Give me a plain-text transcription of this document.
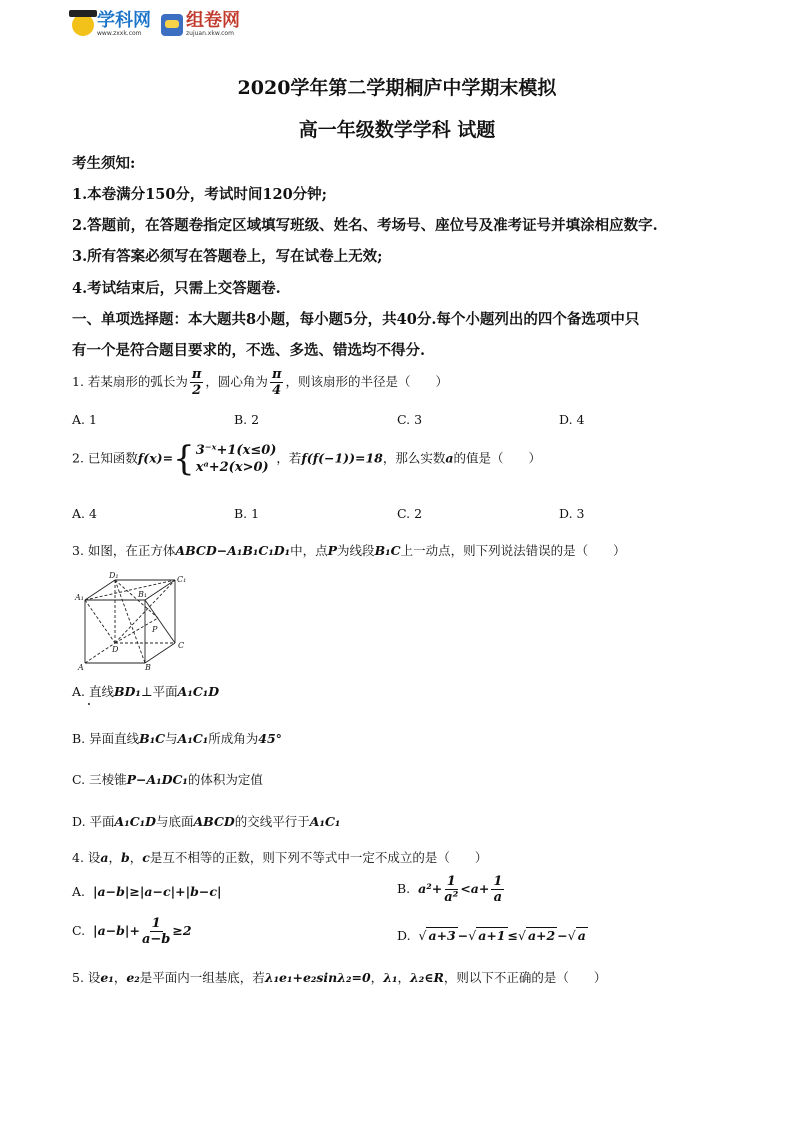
学科网
www.zxxk.com
组卷网
zujuan.xkw.com
2020学年第二学期桐庐中学期末模拟
高一年级数学学科 试题
考生须知:
1.本卷满分150分，考试时间120分钟;
2.答题前，在答题卷指定区域填写班级、姓名、考场号、座位号及准考证号并填涂相应数字.
3.所有答案必须写在答题卷上，写在试卷上无效;
4.考试结束后，只需上交答题卷.
一、单项选择题：本大题共8小题，每小题5分，共40分.每个小题列出的四个备选项中只
有一个是符合题目要求的，不选、多选、错选均不得分.
1. 若某扇形的弧长为 $\frac{\pi}{2}$ ，圆心角为 $\frac{\pi}{4}$ ，则该扇形的半径是（　　）
A. 1	B. 2	C. 3	D. 4
2. 已知函数f(x)={ 3⁻ˣ+1(x≤0)
xᵃ+2(x>0)
，若f(f(−1))=18，那么实数a的值是（　　）
A. 4	B. 1	C. 2	D. 3
3. 如图，在正方体ABCD−A₁B₁C₁D₁中，点P为线段B₁C上一动点，则下列说法错误的是（　　）
D₁	C₁
A₁	B₁
P
D	C
A	B
A. 直线BD₁⊥平面A₁C₁D
B. 异面直线B₁C与A₁C₁所成角为45°
C. 三棱锥P−A₁DC₁的体积为定值
D. 平面A₁C₁D与底面ABCD的交线平行于A₁C₁
4. 设a，b，c是互不相等的正数，则下列不等式中一定不成立的是（　　）
A. |a−b|≥|a−c|+|b−c|	B. $a^2+ \frac{1}{\text{a²}} <a+ \frac{1}{a}$
C. $|a-b|+ \frac{1}{a-b} \ge 2$	D.  √ a+3 −√ a+1 ≤√ a+2 −√ a
5. 设e₁，e₂是平面内一组基底，若λ₁e₁+e₂sinλ₂=0，λ₁，λ₂∈R，则以下不正确的是（　　）
